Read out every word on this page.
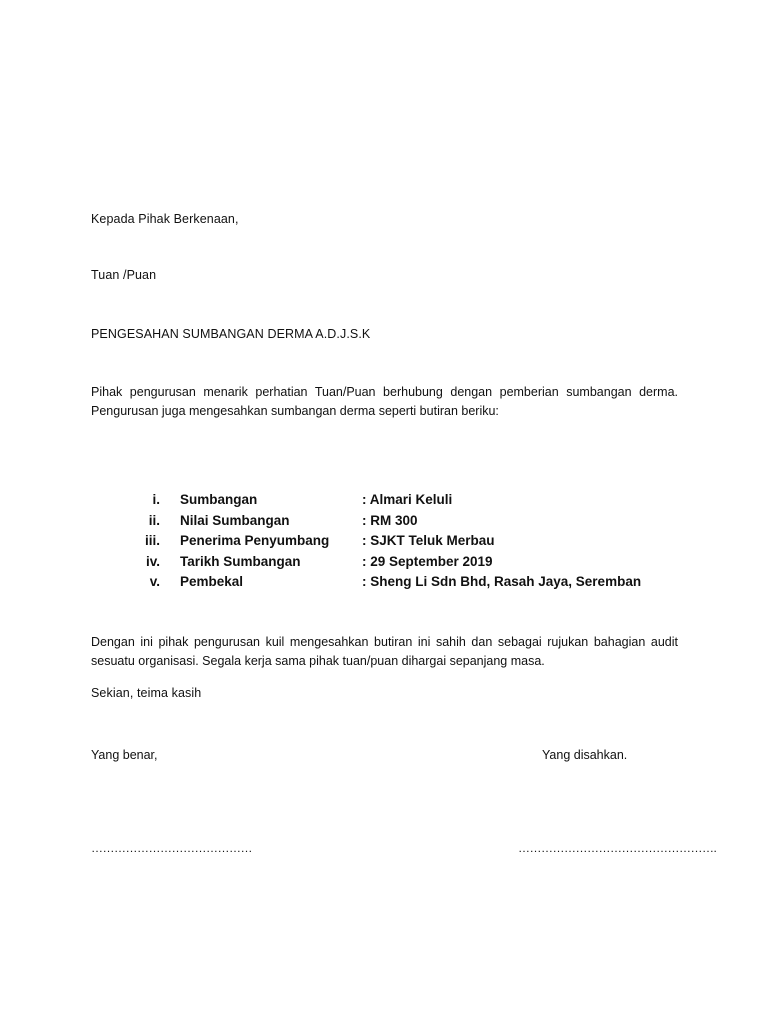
Kepada Pihak Berkenaan,
Tuan /Puan
PENGESAHAN SUMBANGAN DERMA A.D.J.S.K
Pihak pengurusan menarik perhatian Tuan/Puan berhubung dengan pemberian sumbangan derma. Pengurusan juga mengesahkan sumbangan derma seperti butiran beriku:
i. Sumbangan	: Almari Keluli
ii. Nilai Sumbangan	: RM 300
iii. Penerima Penyumbang	: SJKT Teluk Merbau
iv. Tarikh Sumbangan	: 29 September 2019
v. Pembekal	: Sheng Li Sdn Bhd, Rasah Jaya, Seremban
Dengan ini pihak pengurusan kuil mengesahkan butiran ini sahih dan sebagai rujukan bahagian audit sesuatu organisasi. Segala kerja sama pihak tuan/puan dihargai sepanjang masa.
Sekian, teima kasih
Yang benar,	Yang disahkan.
……………………………………	…………………………………………….
